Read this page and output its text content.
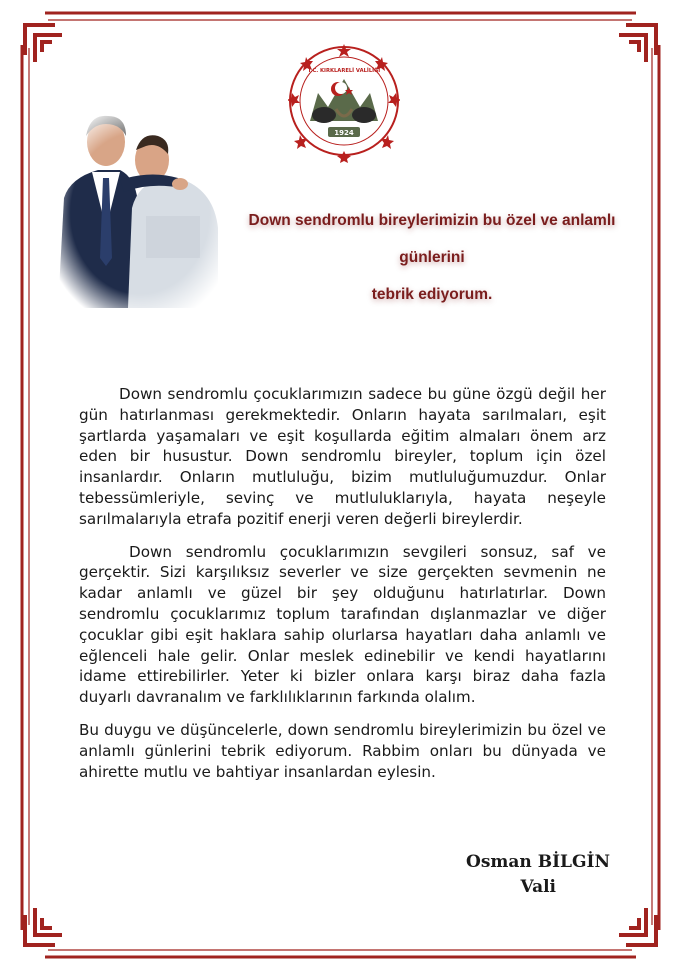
T.C. KIRKLARELİ VALİLİĞİ
1924
Down sendromlu bireylerimizin bu özel ve anlamlı günlerini
tebrik ediyorum.

Down sendromlu çocuklarımızın sadece bu güne özgü değil her gün hatırlanması gerekmektedir. Onların hayata sarılmaları, eşit şartlarda yaşamaları ve eşit koşullarda eğitim almaları önem arz eden bir husustur. Down sendromlu bireyler, toplum için özel insanlardır. Onların mutluluğu, bizim mutluluğumuzdur. Onlar tebessümleriyle, sevinç ve mutluluklarıyla, hayata neşeyle sarılmalarıyla etrafa pozitif enerji veren değerli bireylerdir.

Down sendromlu çocuklarımızın sevgileri sonsuz, saf ve gerçektir. Sizi karşılıksız severler ve size gerçekten sevmenin ne kadar anlamlı ve güzel bir şey olduğunu hatırlatırlar. Down sendromlu çocuklarımız toplum tarafından dışlanmazlar ve diğer çocuklar gibi eşit haklara sahip olurlarsa hayatları daha anlamlı ve eğlenceli hale gelir. Onlar meslek edinebilir ve kendi hayatlarını idame ettirebilirler. Yeter ki bizler onlara karşı biraz daha fazla duyarlı davranalım ve farklılıklarının farkında olalım.

Bu duygu ve düşüncelerle, down sendromlu bireylerimizin bu özel ve anlamlı günlerini tebrik ediyorum. Rabbim onları bu dünyada ve ahirette mutlu ve bahtiyar insanlardan eylesin.

Osman BİLGİN
Vali
